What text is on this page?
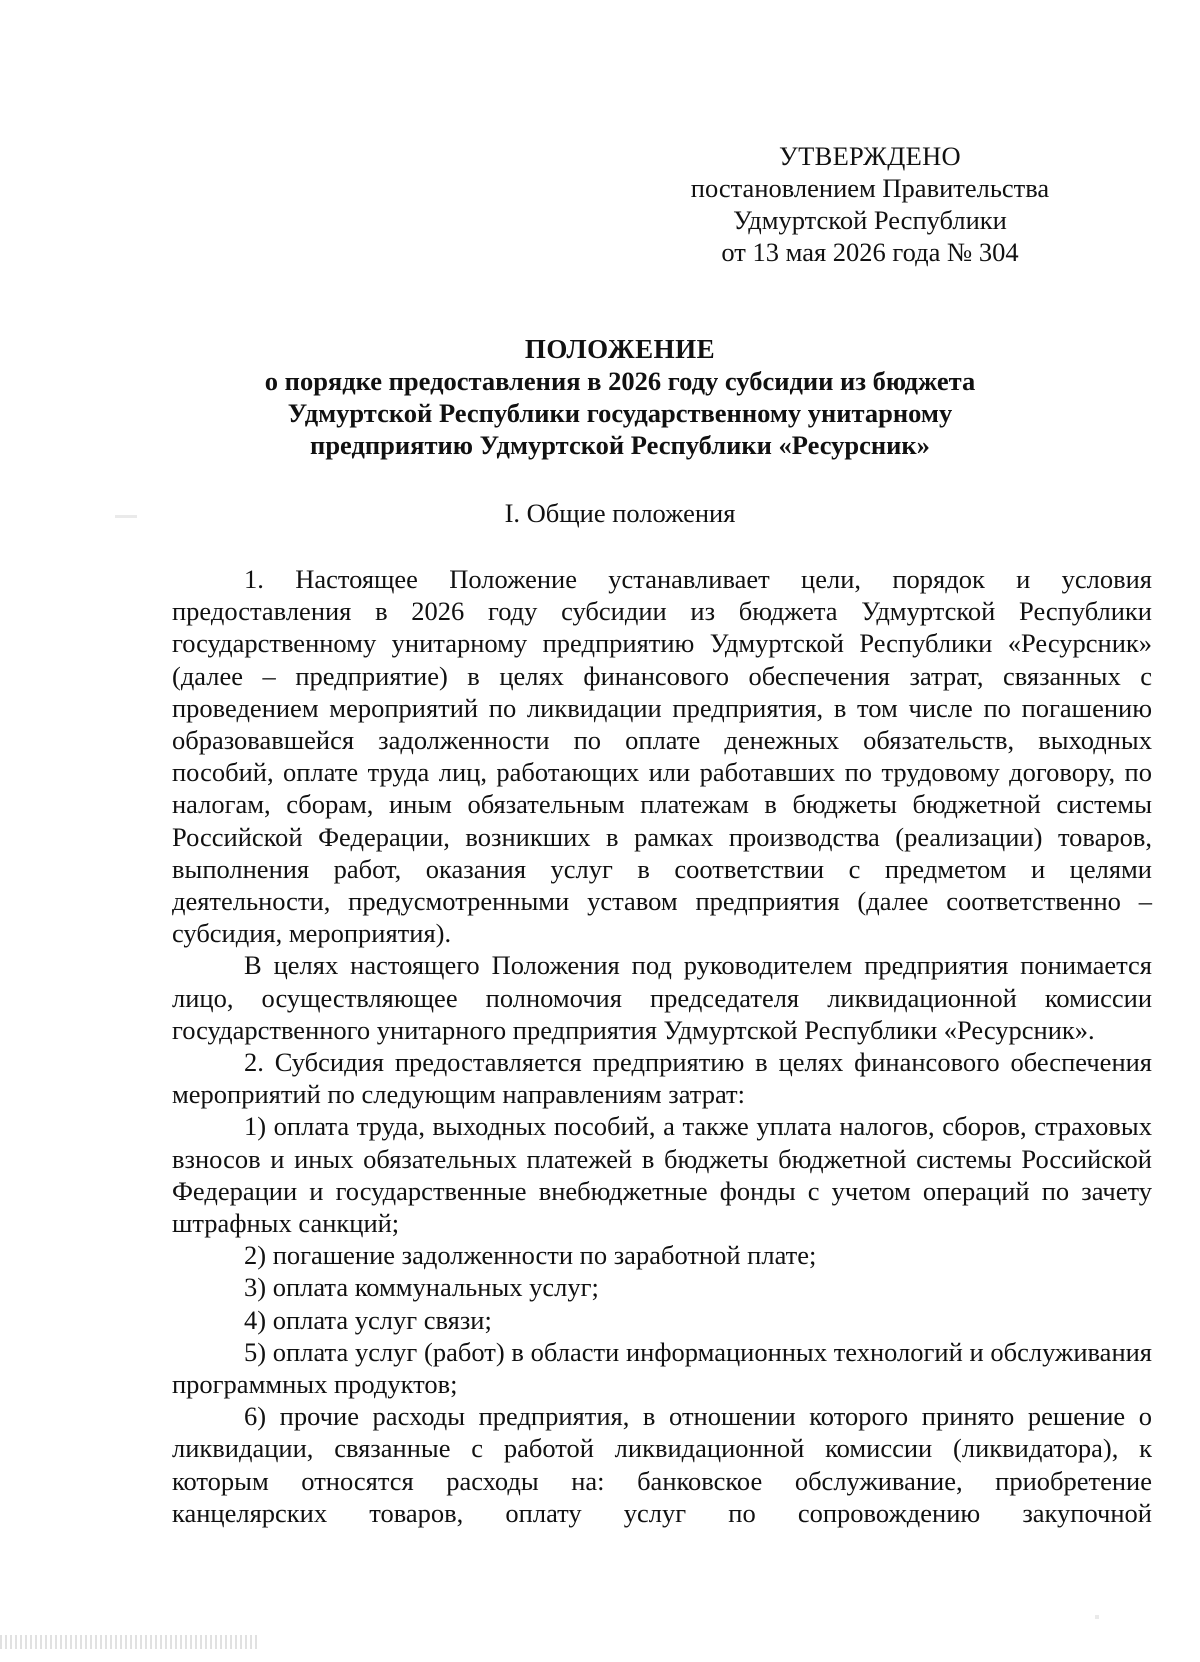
УТВЕРЖДЕНО
постановлением Правительства
Удмуртской Республики
от 13 мая 2026 года № 304
ПОЛОЖЕНИЕ
о порядке предоставления в 2026 году субсидии из бюджета
Удмуртской Республики государственному унитарному
предприятию Удмуртской Республики «Ресурсник»
I. Общие положения

1. Настоящее Положение устанавливает цели, порядок и условия предоставления в 2026 году субсидии из бюджета Удмуртской Республики государственному унитарному предприятию Удмуртской Республики «Ресурсник» (далее – предприятие) в целях финансового обеспечения затрат, связанных с проведением мероприятий по ликвидации предприятия, в том числе по погашению образовавшейся задолженности по оплате денежных обязательств, выходных пособий, оплате труда лиц, работающих или работавших по трудовому договору, по налогам, сборам, иным обязательным платежам в бюджеты бюджетной системы Российской Федерации, возникших в рамках производства (реализации) товаров, выполнения работ, оказания услуг в соответствии с предметом и целями деятельности, предусмотренными уставом предприятия (далее соответственно – субсидия, мероприятия).

В целях настоящего Положения под руководителем предприятия понимается лицо, осуществляющее полномочия председателя ликвидационной комиссии государственного унитарного предприятия Удмуртской Республики «Ресурсник».

2. Субсидия предоставляется предприятию в целях финансового обеспечения мероприятий по следующим направлениям затрат:

1) оплата труда, выходных пособий, а также уплата налогов, сборов, страховых взносов и иных обязательных платежей в бюджеты бюджетной системы Российской Федерации и государственные внебюджетные фонды с учетом операций по зачету штрафных санкций;

2) погашение задолженности по заработной плате;

3) оплата коммунальных услуг;

4) оплата услуг связи;

5) оплата услуг (работ) в области информационных технологий и обслуживания программных продуктов;

6) прочие расходы предприятия, в отношении которого принято решение о ликвидации, связанные с работой ликвидационной комиссии (ликвидатора), к которым относятся расходы на: банковское обслуживание, приобретение канцелярских товаров, оплату услуг по сопровождению закупочной
